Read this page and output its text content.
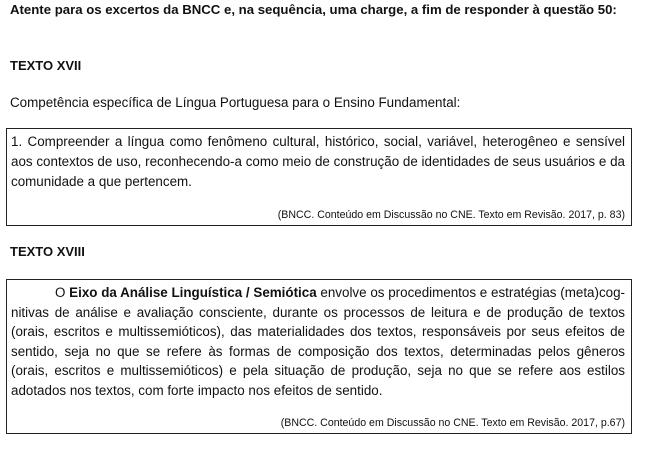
Atente para os excertos da BNCC e, na sequência, uma charge, a fim de responder à questão 50:
TEXTO XVII
Competência específica de Língua Portuguesa para o Ensino Fundamental:
1. Compreender a língua como fenômeno cultural, histórico, social, variável, heterogêneo e sensível aos contextos de uso, reconhecendo-a como meio de construção de identidades de seus usuários e da comunidade a que pertencem.
(BNCC. Conteúdo em Discussão no CNE. Texto em Revisão. 2017, p. 83)
TEXTO XVIII
O Eixo da Análise Linguística / Semiótica envolve os procedimentos e estratégias (meta)cog-nitivas de análise e avaliação consciente, durante os processos de leitura e de produção de textos (orais, escritos e multissemióticos), das materialidades dos textos, responsáveis por seus efeitos de sentido, seja no que se refere às formas de composição dos textos, determinadas pelos gêneros (orais, escritos e multissemióticos) e pela situação de produção, seja no que se refere aos estilos adotados nos textos, com forte impacto nos efeitos de sentido.
(BNCC. Conteúdo em Discussão no CNE. Texto em Revisão. 2017, p.67)
